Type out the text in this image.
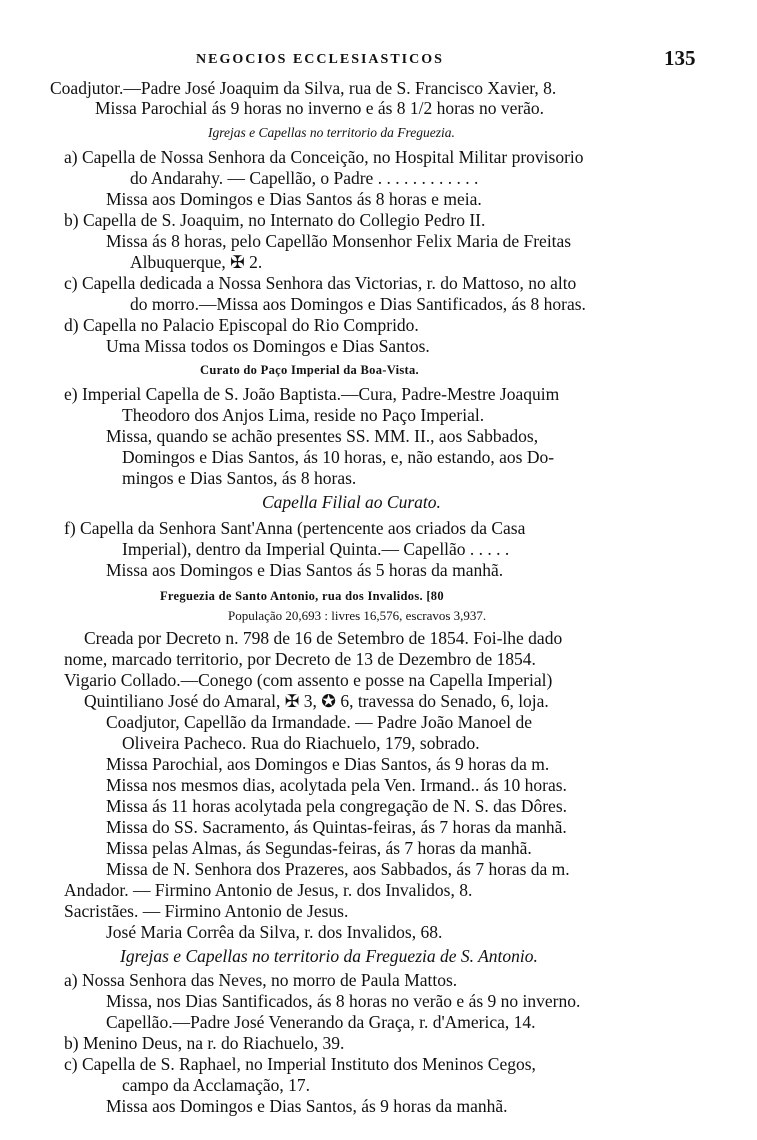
NEGOCIOS ECCLESIASTICOS	135
Coadjutor.—Padre José Joaquim da Silva, rua de S. Francisco Xavier, 8.
Missa Parochial ás 9 horas no inverno e ás 8 1/2 horas no verão.
Igrejas e Capellas no territorio da Freguezia.
a) Capella de Nossa Senhora da Conceição, no Hospital Militar provisorio
do Andarahy. — Capellão, o Padre . . . . . . . . . . . .
Missa aos Domingos e Dias Santos ás 8 horas e meia.
b) Capella de S. Joaquim, no Internato do Collegio Pedro II.
Missa ás 8 horas, pelo Capellão Monsenhor Felix Maria de Freitas
Albuquerque, ✠ 2.
c) Capella dedicada a Nossa Senhora das Victorias, r. do Mattoso, no alto
do morro.—Missa aos Domingos e Dias Santificados, ás 8 horas.
d) Capella no Palacio Episcopal do Rio Comprido.
Uma Missa todos os Domingos e Dias Santos.
Curato do Paço Imperial da Boa-Vista.
e) Imperial Capella de S. João Baptista.—Cura, Padre-Mestre Joaquim
Theodoro dos Anjos Lima, reside no Paço Imperial.
Missa, quando se achão presentes SS. MM. II., aos Sabbados,
Domingos e Dias Santos, ás 10 horas, e, não estando, aos Do-
mingos e Dias Santos, ás 8 horas.
Capella Filial ao Curato.
f) Capella da Senhora Sant'Anna (pertencente aos criados da Casa
Imperial), dentro da Imperial Quinta.— Capellão . . . . .
Missa aos Domingos e Dias Santos ás 5 horas da manhã.
Freguezia de Santo Antonio, rua dos Invalidos. [80
População 20,693 : livres 16,576, escravos 3,937.
Creada por Decreto n. 798 de 16 de Setembro de 1854. Foi-lhe dado
nome, marcado territorio, por Decreto de 13 de Dezembro de 1854.
Vigario Collado.—Conego (com assento e posse na Capella Imperial)
Quintiliano José do Amaral, ✠ 3, ✪ 6, travessa do Senado, 6, loja.
Coadjutor, Capellão da Irmandade. — Padre João Manoel de
Oliveira Pacheco. Rua do Riachuelo, 179, sobrado.
Missa Parochial, aos Domingos e Dias Santos, ás 9 horas da m.
Missa nos mesmos dias, acolytada pela Ven. Irmand.. ás 10 horas.
Missa ás 11 horas acolytada pela congregação de N. S. das Dôres.
Missa do SS. Sacramento, ás Quintas-feiras, ás 7 horas da manhã.
Missa pelas Almas, ás Segundas-feiras, ás 7 horas da manhã.
Missa de N. Senhora dos Prazeres, aos Sabbados, ás 7 horas da m.
Andador. — Firmino Antonio de Jesus, r. dos Invalidos, 8.
Sacristães. — Firmino Antonio de Jesus.
José Maria Corrêa da Silva, r. dos Invalidos, 68.
Igrejas e Capellas no territorio da Freguezia de S. Antonio.
a) Nossa Senhora das Neves, no morro de Paula Mattos.
Missa, nos Dias Santificados, ás 8 horas no verão e ás 9 no inverno.
Capellão.—Padre José Venerando da Graça, r. d'America, 14.
b) Menino Deus, na r. do Riachuelo, 39.
c) Capella de S. Raphael, no Imperial Instituto dos Meninos Cegos,
campo da Acclamação, 17.
Missa aos Domingos e Dias Santos, ás 9 horas da manhã.
